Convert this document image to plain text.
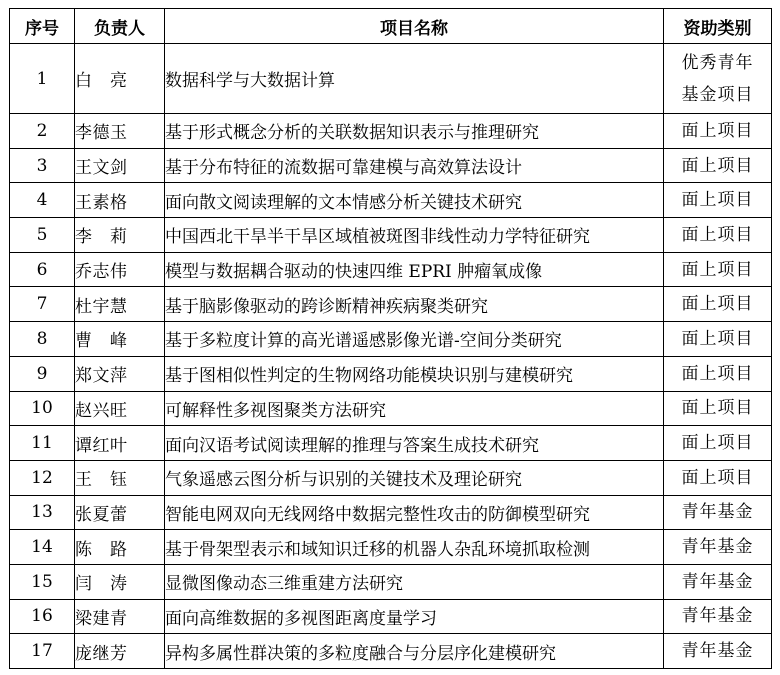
序号	负责人	项目名称	资助类别
1	白　亮	数据科学与大数据计算	优秀青年
基金项目

2	李德玉	基于形式概念分析的关联数据知识表示与推理研究	面上项目

3	王文剑	基于分布特征的流数据可靠建模与高效算法设计	面上项目

4	王素格	面向散文阅读理解的文本情感分析关键技术研究	面上项目

5	李　莉	中国西北干旱半干旱区域植被斑图非线性动力学特征研究	面上项目

6	乔志伟	模型与数据耦合驱动的快速四维 EPRI 肿瘤氧成像	面上项目

7	杜宇慧	基于脑影像驱动的跨诊断精神疾病聚类研究	面上项目

8	曹　峰	基于多粒度计算的高光谱遥感影像光谱-空间分类研究	面上项目

9	郑文萍	基于图相似性判定的生物网络功能模块识别与建模研究	面上项目

10	赵兴旺	可解释性多视图聚类方法研究	面上项目

11	谭红叶	面向汉语考试阅读理解的推理与答案生成技术研究	面上项目

12	王　钰	气象遥感云图分析与识别的关键技术及理论研究	面上项目

13	张夏蕾	智能电网双向无线网络中数据完整性攻击的防御模型研究	青年基金

14	陈　路	基于骨架型表示和域知识迁移的机器人杂乱环境抓取检测	青年基金

15	闫　涛	显微图像动态三维重建方法研究	青年基金

16	梁建青	面向高维数据的多视图距离度量学习	青年基金

17	庞继芳	异构多属性群决策的多粒度融合与分层序化建模研究	青年基金
